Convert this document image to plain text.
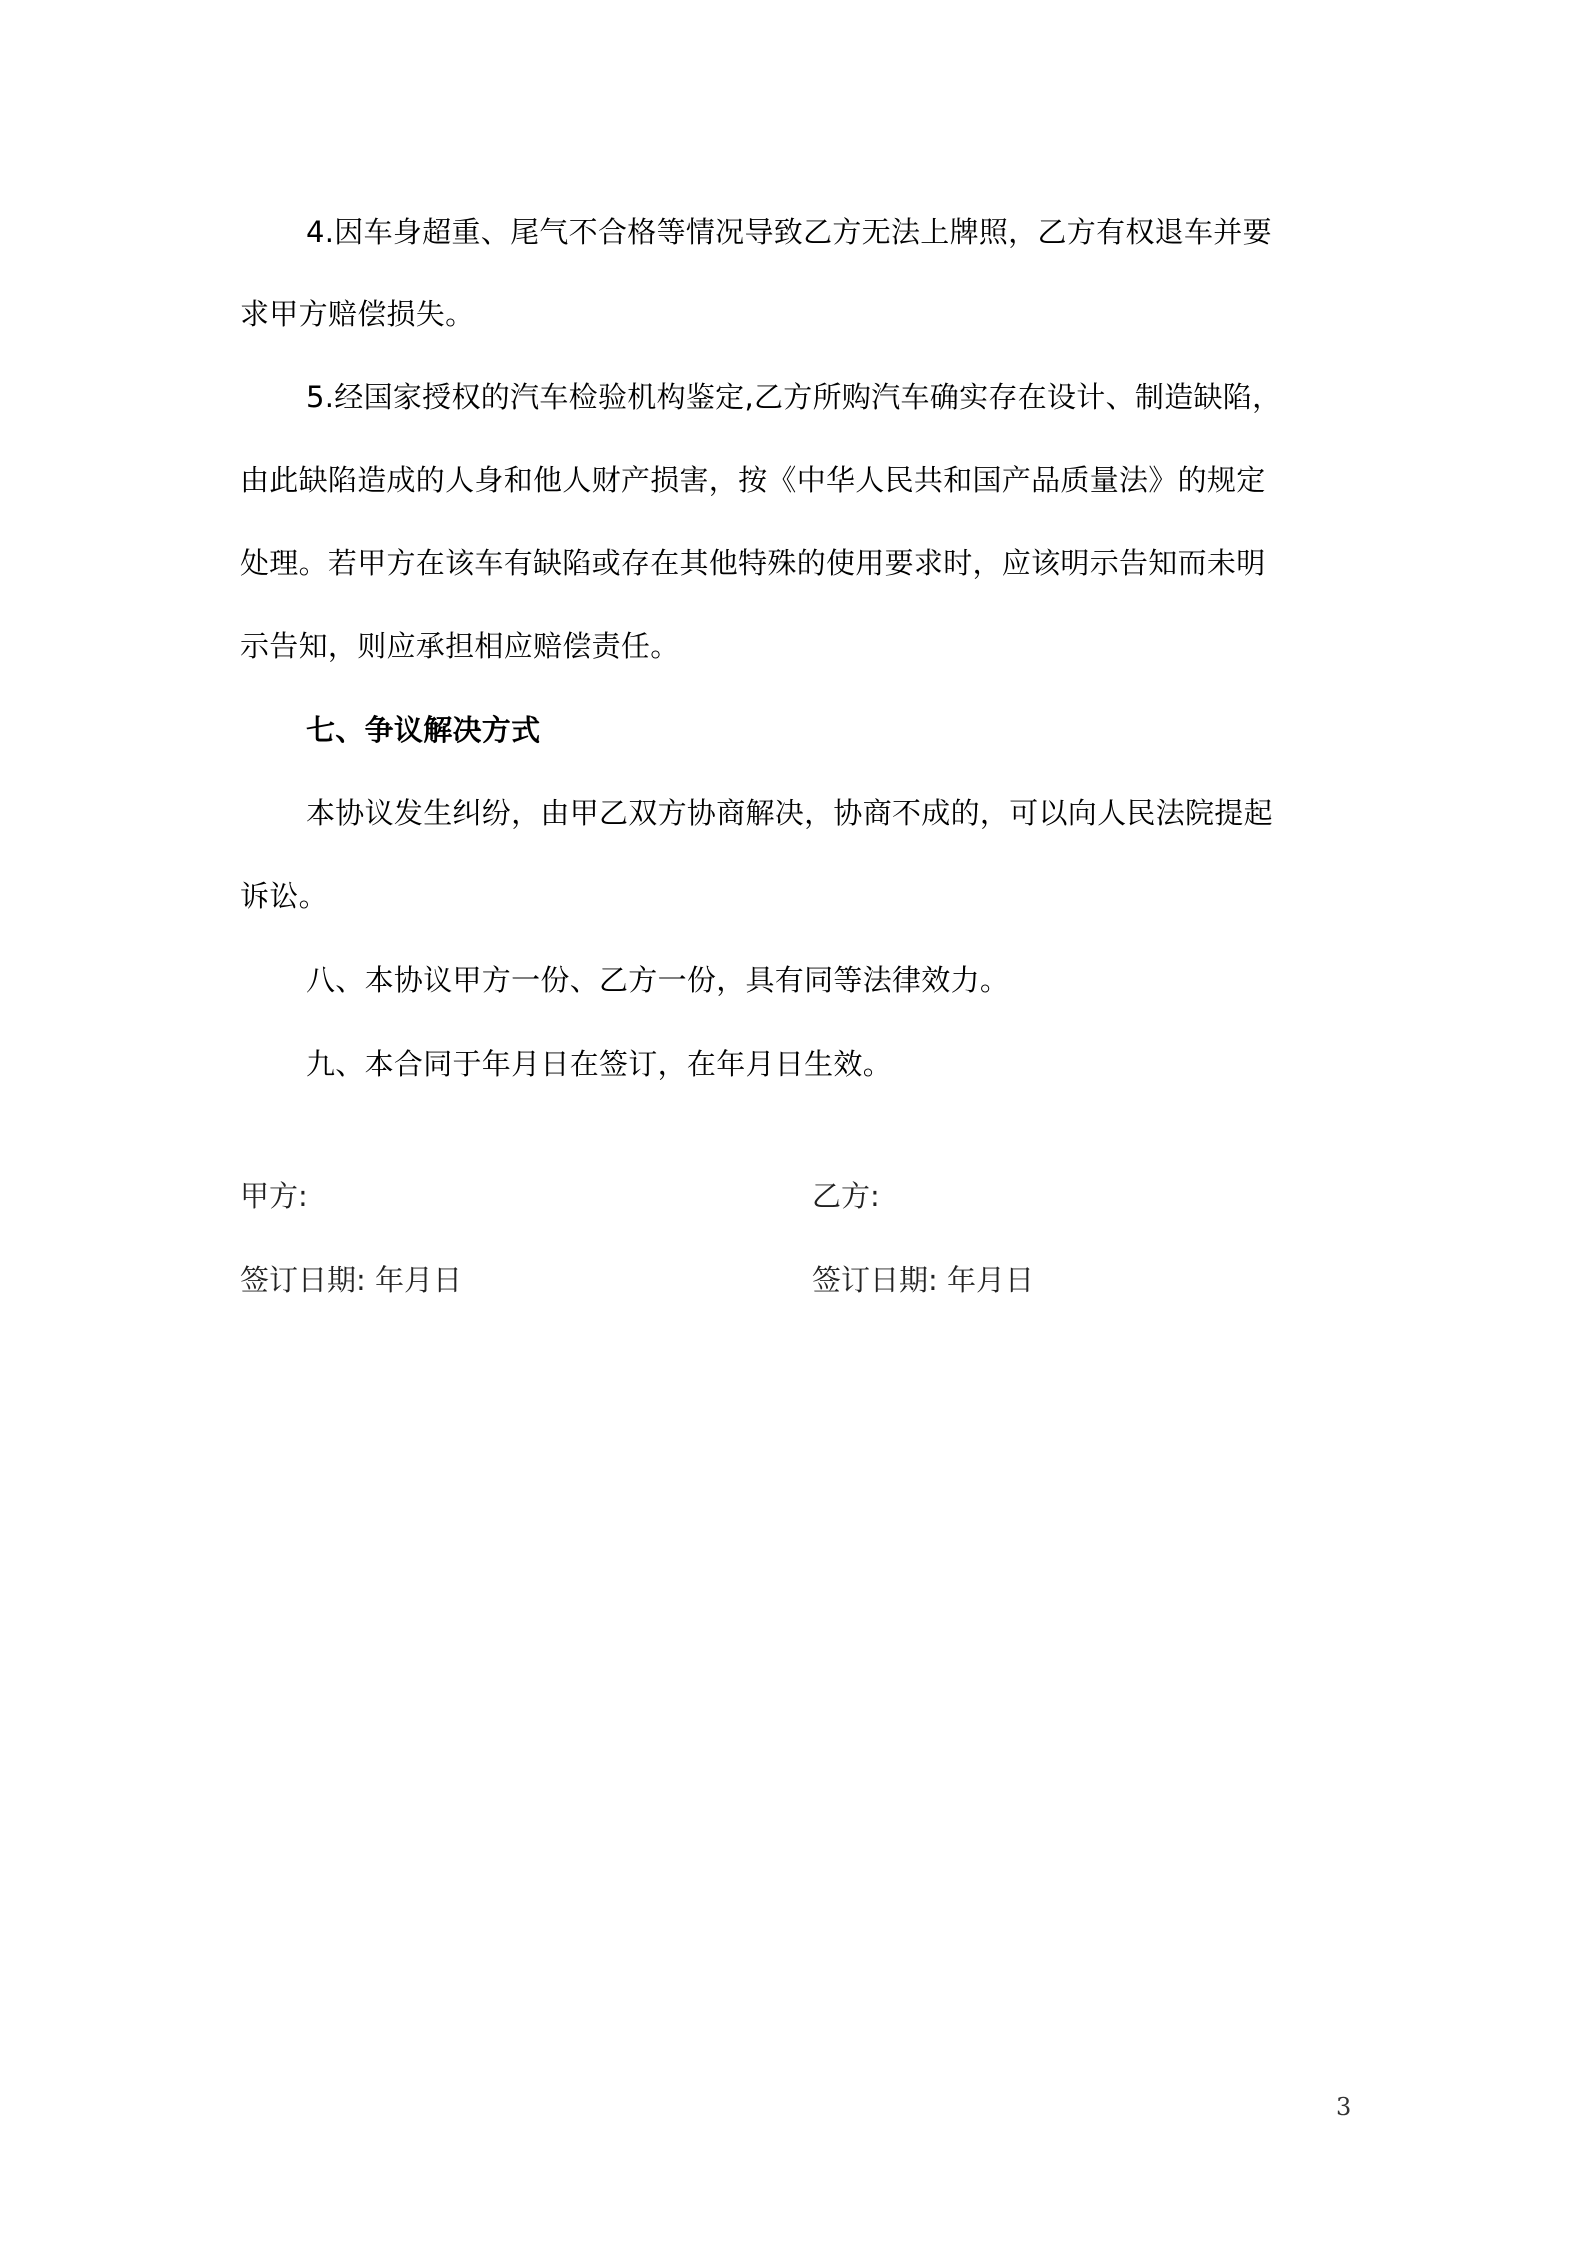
4.因车身超重、尾气不合格等情况导致乙方无法上牌照，乙方有权退车并要

求甲方赔偿损失。

5.经国家授权的汽车检验机构鉴定,乙方所购汽车确实存在设计、制造缺陷，

由此缺陷造成的人身和他人财产损害，按《中华人民共和国产品质量法》的规定

处理。若甲方在该车有缺陷或存在其他特殊的使用要求时，应该明示告知而未明

示告知，则应承担相应赔偿责任。

七、争议解决方式

本协议发生纠纷，由甲乙双方协商解决，协商不成的，可以向人民法院提起

诉讼。

八、本协议甲方一份、乙方一份，具有同等法律效力。

九、本合同于年月日在签订，在年月日生效。

甲方:	乙方:

签订日期: 年月日	签订日期: 年月日

3
